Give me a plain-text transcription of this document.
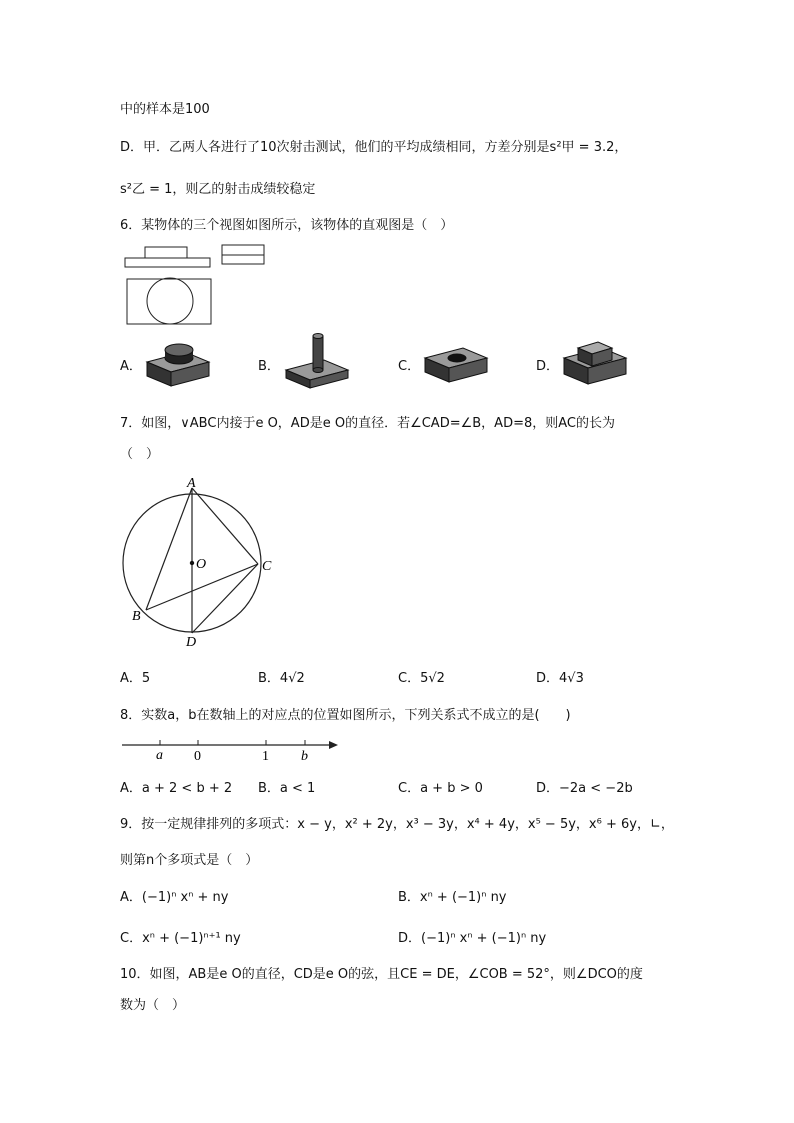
中的样本是100
D．甲．乙两人各进行了10次射击测试，他们的平均成绩相同，方差分别是s²甲 = 3.2，
s²乙 = 1，则乙的射击成绩较稳定
6．某物体的三个视图如图所示，该物体的直观图是（　）
A．	B．	C．	D．
7．如图，∨ABC内接于e O，AD是e O的直径．若∠CAD=∠B，AD=8，则AC的长为
（　）
A
O	C
B
D
A．5	B．4√2	C．5√2	D．4√3
8．实数a，b在数轴上的对应点的位置如图所示，下列关系式不成立的是(　　)
a 0	1 b
A．a + 2 < b + 2 B．a < 1	C．a + b > 0	D．−2a < −2b
9．按一定规律排列的多项式：x − y，x² + 2y，x³ − 3y，x⁴ + 4y，x⁵ − 5y，x⁶ + 6y，∟，
则第n个多项式是（　）
A．(−1)ⁿ xⁿ + ny	B．xⁿ + (−1)ⁿ ny
C．xⁿ + (−1)ⁿ⁺¹ ny	D．(−1)ⁿ xⁿ + (−1)ⁿ ny
10．如图，AB是e O的直径，CD是e O的弦，且CE = DE，∠COB = 52°，则∠DCO的度
数为（　）
